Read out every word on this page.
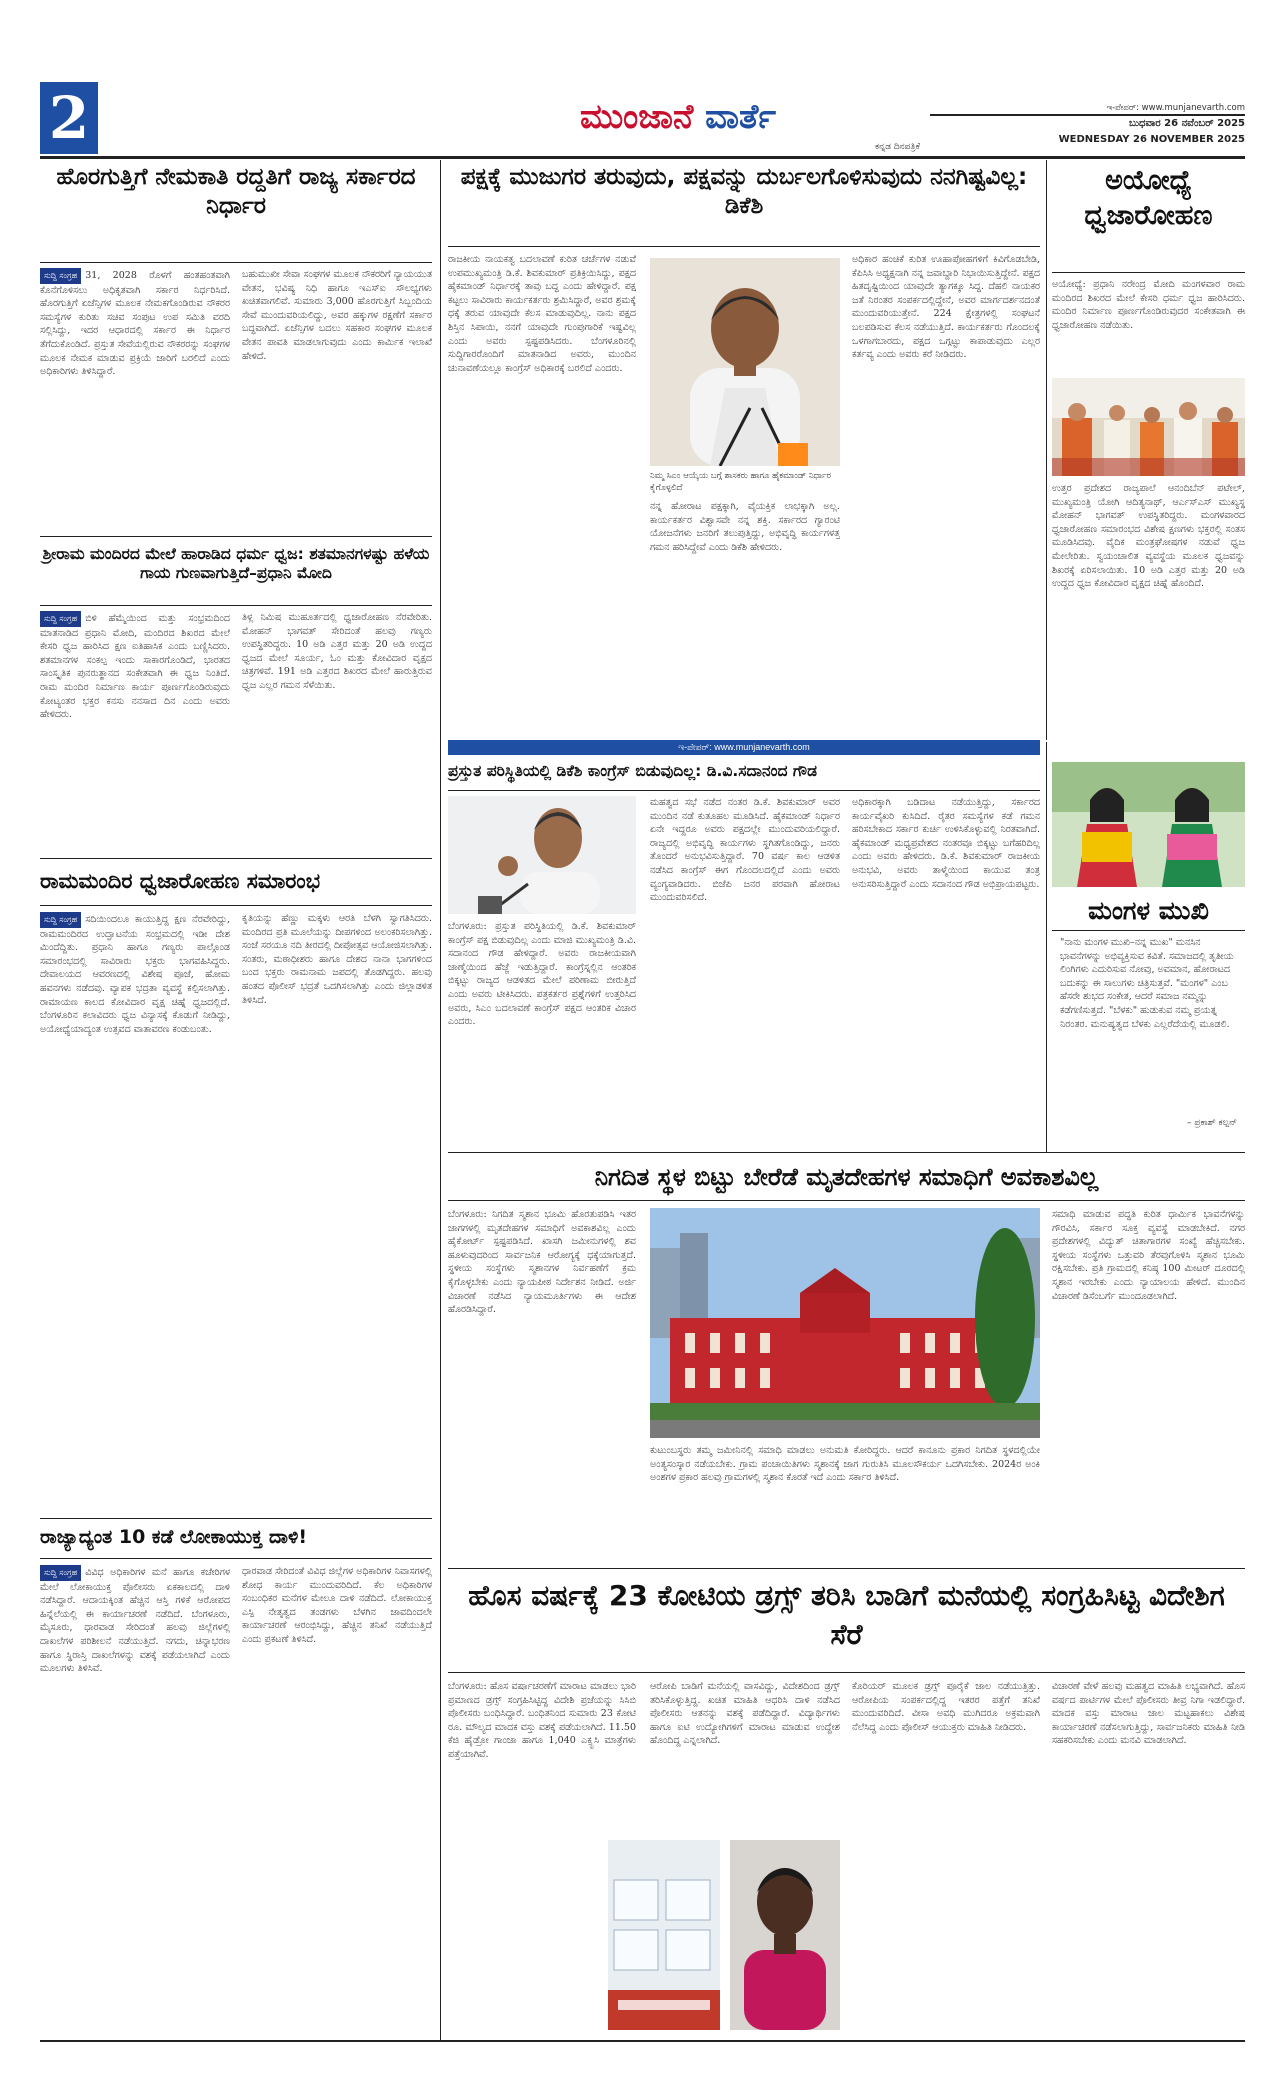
2	ಮುಂಜಾನೆ ವಾರ್ತೆ
ಕನ್ನಡ ದಿನಪತ್ರಿಕೆ
ಇ-ಪೇಪರ್: www.munjanevarth.com
ಬುಧವಾರ 26 ನವೆಂಬರ್ 2025
WEDNESDAY 26 NOVEMBER 2025
ಹೊರಗುತ್ತಿಗೆ ನೇಮಕಾತಿ ರದ್ದತಿಗೆ ರಾಜ್ಯ ಸರ್ಕಾರದ ನಿರ್ಧಾರ
ಸುದ್ದಿ ಸಂಗ್ರಹ 31, 2028 ರೊಳಗೆ ಹಂತಹಂತವಾಗಿ ಕೊನೆಗೊಳಿಸಲು ಅಧಿಕೃತವಾಗಿ ಸರ್ಕಾರ ನಿರ್ಧರಿಸಿದೆ. ಹೊರಗುತ್ತಿಗೆ ಏಜೆನ್ಸಿಗಳ ಮೂಲಕ ನೇಮಕಗೊಂಡಿರುವ ನೌಕರರ ಸಮಸ್ಯೆಗಳ ಕುರಿತು ಸಚಿವ ಸಂಪುಟ ಉಪ ಸಮಿತಿ ವರದಿ ಸಲ್ಲಿಸಿದ್ದು, ಇದರ ಆಧಾರದಲ್ಲಿ ಸರ್ಕಾರ ಈ ನಿರ್ಧಾರ ತೆಗೆದುಕೊಂಡಿದೆ. ಪ್ರಸ್ತುತ ಸೇವೆಯಲ್ಲಿರುವ ನೌಕರರನ್ನು ಸಂಘಗಳ ಮೂಲಕ ನೇಮಕ ಮಾಡುವ ಪ್ರಕ್ರಿಯೆ ಜಾರಿಗೆ ಬರಲಿದೆ ಎಂದು ಅಧಿಕಾರಿಗಳು ತಿಳಿಸಿದ್ದಾರೆ.
ಬಹುಮುಖೀ ಸೇವಾ ಸಂಘಗಳ ಮೂಲಕ ನೌಕರರಿಗೆ ನ್ಯಾಯಯುತ ವೇತನ, ಭವಿಷ್ಯ ನಿಧಿ ಹಾಗೂ ಇಎಸ್ಐ ಸೌಲಭ್ಯಗಳು ಖಚಿತವಾಗಲಿವೆ. ಸುಮಾರು 3,000 ಹೊರಗುತ್ತಿಗೆ ಸಿಬ್ಬಂದಿಯ ಸೇವೆ ಮುಂದುವರಿಯಲಿದ್ದು, ಅವರ ಹಕ್ಕುಗಳ ರಕ್ಷಣೆಗೆ ಸರ್ಕಾರ ಬದ್ಧವಾಗಿದೆ. ಏಜೆನ್ಸಿಗಳ ಬದಲು ಸಹಕಾರ ಸಂಘಗಳ ಮೂಲಕ ವೇತನ ಪಾವತಿ ಮಾಡಲಾಗುವುದು ಎಂದು ಕಾರ್ಮಿಕ ಇಲಾಖೆ ಹೇಳಿದೆ.
ಶ್ರೀರಾಮ ಮಂದಿರದ ಮೇಲೆ ಹಾರಾಡಿದ ಧರ್ಮ ಧ್ವಜ: ಶತಮಾನಗಳಷ್ಟು ಹಳೆಯ ಗಾಯ ಗುಣವಾಗುತ್ತಿದೆ–ಪ್ರಧಾನಿ ಮೋದಿ
ಸುದ್ದಿ ಸಂಗ್ರಹ ಬಿಳಿ ಹೆಮ್ಮೆಯಿಂದ ಮತ್ತು ಸಂಭ್ರಮದಿಂದ ಮಾತನಾಡಿದ ಪ್ರಧಾನಿ ಮೋದಿ, ಮಂದಿರದ ಶಿಖರದ ಮೇಲೆ ಕೇಸರಿ ಧ್ವಜ ಹಾರಿಸಿದ ಕ್ಷಣ ಐತಿಹಾಸಿಕ ಎಂದು ಬಣ್ಣಿಸಿದರು. ಶತಮಾನಗಳ ಸಂಕಲ್ಪ ಇಂದು ಸಾಕಾರಗೊಂಡಿದೆ, ಭಾರತದ ಸಾಂಸ್ಕೃತಿಕ ಪುನರುತ್ಥಾನದ ಸಂಕೇತವಾಗಿ ಈ ಧ್ವಜ ನಿಂತಿದೆ. ರಾಮ ಮಂದಿರ ನಿರ್ಮಾಣ ಕಾರ್ಯ ಪೂರ್ಣಗೊಂಡಿರುವುದು ಕೋಟ್ಯಂತರ ಭಕ್ತರ ಕನಸು ನನಸಾದ ದಿನ ಎಂದು ಅವರು ಹೇಳಿದರು.
ತಿಳ್ಲ ನಿಮಿಷ ಮುಹೂರ್ತದಲ್ಲಿ ಧ್ವಜಾರೋಹಣ ನೆರವೇರಿತು. ಮೋಹನ್ ಭಾಗವತ್ ಸೇರಿದಂತೆ ಹಲವು ಗಣ್ಯರು ಉಪಸ್ಥಿತರಿದ್ದರು. 10 ಅಡಿ ಎತ್ತರ ಮತ್ತು 20 ಅಡಿ ಉದ್ದದ ಧ್ವಜದ ಮೇಲೆ ಸೂರ್ಯ, ಓಂ ಮತ್ತು ಕೋವಿದಾರ ವೃಕ್ಷದ ಚಿತ್ರಗಳಿವೆ. 191 ಅಡಿ ಎತ್ತರದ ಶಿಖರದ ಮೇಲೆ ಹಾರುತ್ತಿರುವ ಧ್ವಜ ಎಲ್ಲರ ಗಮನ ಸೆಳೆಯಿತು.
ರಾಮಮಂದಿರ ಧ್ವಜಾರೋಹಣ ಸಮಾರಂಭ
ಸುದ್ದಿ ಸಂಗ್ರಹ ಸದಿಯಿಂದಲೂ ಕಾಯುತ್ತಿದ್ದ ಕ್ಷಣ ನೆರವೇರಿದ್ದು, ರಾಮಮಂದಿರದ ಉದ್ಘಾಟನೆಯ ಸಂಭ್ರಮದಲ್ಲಿ ಇಡೀ ದೇಶ ಮಿಂದೆದ್ದಿತು. ಪ್ರಧಾನಿ ಹಾಗೂ ಗಣ್ಯರು ಪಾಲ್ಗೊಂಡ ಸಮಾರಂಭದಲ್ಲಿ ಸಾವಿರಾರು ಭಕ್ತರು ಭಾಗವಹಿಸಿದ್ದರು. ದೇವಾಲಯದ ಆವರಣದಲ್ಲಿ ವಿಶೇಷ ಪೂಜೆ, ಹೋಮ ಹವನಗಳು ನಡೆದವು. ವ್ಯಾಪಕ ಭದ್ರತಾ ವ್ಯವಸ್ಥೆ ಕಲ್ಪಿಸಲಾಗಿತ್ತು. ರಾಮಾಯಣ ಕಾಲದ ಕೋವಿದಾರ ವೃಕ್ಷ ಚಿಹ್ನೆ ಧ್ವಜದಲ್ಲಿದೆ. ಬೆಂಗಳೂರಿನ ಕಲಾವಿದರು ಧ್ವಜ ವಿನ್ಯಾಸಕ್ಕೆ ಕೊಡುಗೆ ನೀಡಿದ್ದು, ಅಯೋಧ್ಯೆಯಾದ್ಯಂತ ಉತ್ಸವದ ವಾತಾವರಣ ಕಂಡುಬಂತು.
ಕೃತಿಯನ್ನು ಹೆಣ್ಣು ಮಕ್ಕಳು ಆರತಿ ಬೆಳಗಿ ಸ್ವಾಗತಿಸಿದರು. ಮಂದಿರದ ಪ್ರತಿ ಮೂಲೆಯನ್ನು ದೀಪಗಳಿಂದ ಅಲಂಕರಿಸಲಾಗಿತ್ತು. ಸಂಜೆ ಸರಯೂ ನದಿ ತೀರದಲ್ಲಿ ದೀಪೋತ್ಸವ ಆಯೋಜಿಸಲಾಗಿತ್ತು. ಸಂತರು, ಮಠಾಧೀಶರು ಹಾಗೂ ದೇಶದ ನಾನಾ ಭಾಗಗಳಿಂದ ಬಂದ ಭಕ್ತರು ರಾಮನಾಮ ಜಪದಲ್ಲಿ ತೊಡಗಿದ್ದರು. ಹಲವು ಹಂತದ ಪೊಲೀಸ್ ಭದ್ರತೆ ಒದಗಿಸಲಾಗಿತ್ತು ಎಂದು ಜಿಲ್ಲಾಡಳಿತ ತಿಳಿಸಿದೆ.
ರಾಜ್ಯಾದ್ಯಂತ 10 ಕಡೆ ಲೋಕಾಯುಕ್ತ ದಾಳಿ!
ಸುದ್ದಿ ಸಂಗ್ರಹ ವಿವಿಧ ಅಧಿಕಾರಿಗಳ ಮನೆ ಹಾಗೂ ಕಚೇರಿಗಳ ಮೇಲೆ ಲೋಕಾಯುಕ್ತ ಪೊಲೀಸರು ಏಕಕಾಲದಲ್ಲಿ ದಾಳಿ ನಡೆಸಿದ್ದಾರೆ. ಆದಾಯಕ್ಕಿಂತ ಹೆಚ್ಚಿನ ಆಸ್ತಿ ಗಳಿಕೆ ಆರೋಪದ ಹಿನ್ನೆಲೆಯಲ್ಲಿ ಈ ಕಾರ್ಯಾಚರಣೆ ನಡೆದಿದೆ. ಬೆಂಗಳೂರು, ಮೈಸೂರು, ಧಾರವಾಡ ಸೇರಿದಂತೆ ಹಲವು ಜಿಲ್ಲೆಗಳಲ್ಲಿ ದಾಖಲೆಗಳ ಪರಿಶೀಲನೆ ನಡೆಯುತ್ತಿದೆ. ನಗದು, ಚಿನ್ನಾಭರಣ ಹಾಗೂ ಸ್ಥಿರಾಸ್ತಿ ದಾಖಲೆಗಳನ್ನು ವಶಕ್ಕೆ ಪಡೆಯಲಾಗಿದೆ ಎಂದು ಮೂಲಗಳು ತಿಳಿಸಿವೆ.
ಧಾರವಾಡ ಸೇರಿದಂತೆ ವಿವಿಧ ಜಿಲ್ಲೆಗಳ ಅಧಿಕಾರಿಗಳ ನಿವಾಸಗಳಲ್ಲಿ ಶೋಧ ಕಾರ್ಯ ಮುಂದುವರಿದಿದೆ. ಕೆಲ ಅಧಿಕಾರಿಗಳ ಸಂಬಂಧಿಕರ ಮನೆಗಳ ಮೇಲೂ ದಾಳಿ ನಡೆದಿದೆ. ಲೋಕಾಯುಕ್ತ ಎಸ್ಪಿ ನೇತೃತ್ವದ ತಂಡಗಳು ಬೆಳಗಿನ ಜಾವದಿಂದಲೇ ಕಾರ್ಯಾಚರಣೆ ಆರಂಭಿಸಿದ್ದು, ಹೆಚ್ಚಿನ ತನಿಖೆ ನಡೆಯುತ್ತಿದೆ ಎಂದು ಪ್ರಕಟಣೆ ತಿಳಿಸಿದೆ.
ಪಕ್ಷಕ್ಕೆ ಮುಜುಗರ ತರುವುದು, ಪಕ್ಷವನ್ನು ದುರ್ಬಲಗೊಳಿಸುವುದು ನನಗಿಷ್ಟವಿಲ್ಲ: ಡಿಕೆಶಿ
ರಾಜಕೀಯ ನಾಯಕತ್ವ ಬದಲಾವಣೆ ಕುರಿತ ಚರ್ಚೆಗಳ ನಡುವೆ ಉಪಮುಖ್ಯಮಂತ್ರಿ ಡಿ.ಕೆ. ಶಿವಕುಮಾರ್ ಪ್ರತಿಕ್ರಿಯಿಸಿದ್ದು, ಪಕ್ಷದ ಹೈಕಮಾಂಡ್ ನಿರ್ಧಾರಕ್ಕೆ ತಾವು ಬದ್ಧ ಎಂದು ಹೇಳಿದ್ದಾರೆ. ಪಕ್ಷ ಕಟ್ಟಲು ಸಾವಿರಾರು ಕಾರ್ಯಕರ್ತರು ಶ್ರಮಿಸಿದ್ದಾರೆ, ಅವರ ಶ್ರಮಕ್ಕೆ ಧಕ್ಕೆ ತರುವ ಯಾವುದೇ ಕೆಲಸ ಮಾಡುವುದಿಲ್ಲ. ನಾನು ಪಕ್ಷದ ಶಿಸ್ತಿನ ಸಿಪಾಯಿ, ನನಗೆ ಯಾವುದೇ ಗುಂಪುಗಾರಿಕೆ ಇಷ್ಟವಿಲ್ಲ ಎಂದು ಅವರು ಸ್ಪಷ್ಟಪಡಿಸಿದರು. ಬೆಂಗಳೂರಿನಲ್ಲಿ ಸುದ್ದಿಗಾರರೊಂದಿಗೆ ಮಾತನಾಡಿದ ಅವರು, ಮುಂದಿನ ಚುನಾವಣೆಯಲ್ಲೂ ಕಾಂಗ್ರೆಸ್ ಅಧಿಕಾರಕ್ಕೆ ಬರಲಿದೆ ಎಂದರು.
ನಿಮ್ಮ ಸಿಎಂ ಆಯ್ಕೆಯ ಬಗ್ಗೆ ಶಾಸಕರು ಹಾಗೂ ಹೈಕಮಾಂಡ್ ನಿರ್ಧಾರ ಕೈಗೊಳ್ಳಲಿದೆ
ನನ್ನ ಹೋರಾಟ ಪಕ್ಷಕ್ಕಾಗಿ, ವೈಯಕ್ತಿಕ ಲಾಭಕ್ಕಾಗಿ ಅಲ್ಲ. ಕಾರ್ಯಕರ್ತರ ವಿಶ್ವಾಸವೇ ನನ್ನ ಶಕ್ತಿ. ಸರ್ಕಾರದ ಗ್ಯಾರಂಟಿ ಯೋಜನೆಗಳು ಜನರಿಗೆ ತಲುಪುತ್ತಿದ್ದು, ಅಭಿವೃದ್ಧಿ ಕಾರ್ಯಗಳತ್ತ ಗಮನ ಹರಿಸಿದ್ದೇವೆ ಎಂದು ಡಿಕೆಶಿ ಹೇಳಿದರು.
ಅಧಿಕಾರ ಹಂಚಿಕೆ ಕುರಿತ ಊಹಾಪೋಹಗಳಿಗೆ ಕಿವಿಗೊಡಬೇಡಿ, ಕೆಪಿಸಿಸಿ ಅಧ್ಯಕ್ಷನಾಗಿ ನನ್ನ ಜವಾಬ್ದಾರಿ ನಿಭಾಯಿಸುತ್ತಿದ್ದೇನೆ. ಪಕ್ಷದ ಹಿತದೃಷ್ಟಿಯಿಂದ ಯಾವುದೇ ತ್ಯಾಗಕ್ಕೂ ಸಿದ್ಧ. ದೆಹಲಿ ನಾಯಕರ ಜತೆ ನಿರಂತರ ಸಂಪರ್ಕದಲ್ಲಿದ್ದೇನೆ, ಅವರ ಮಾರ್ಗದರ್ಶನದಂತೆ ಮುಂದುವರಿಯುತ್ತೇನೆ. 224 ಕ್ಷೇತ್ರಗಳಲ್ಲಿ ಸಂಘಟನೆ ಬಲಪಡಿಸುವ ಕೆಲಸ ನಡೆಯುತ್ತಿದೆ. ಕಾರ್ಯಕರ್ತರು ಗೊಂದಲಕ್ಕೆ ಒಳಗಾಗಬಾರದು, ಪಕ್ಷದ ಒಗ್ಗಟ್ಟು ಕಾಪಾಡುವುದು ಎಲ್ಲರ ಕರ್ತವ್ಯ ಎಂದು ಅವರು ಕರೆ ನೀಡಿದರು.
ಅಯೋಧ್ಯೆ ಧ್ವಜಾರೋಹಣ
ಅಯೋಧ್ಯೆ: ಪ್ರಧಾನಿ ನರೇಂದ್ರ ಮೋದಿ ಮಂಗಳವಾರ ರಾಮ ಮಂದಿರದ ಶಿಖರದ ಮೇಲೆ ಕೇಸರಿ ಧರ್ಮ ಧ್ವಜ ಹಾರಿಸಿದರು. ಮಂದಿರ ನಿರ್ಮಾಣ ಪೂರ್ಣಗೊಂಡಿರುವುದರ ಸಂಕೇತವಾಗಿ ಈ ಧ್ವಜಾರೋಹಣ ನಡೆಯಿತು.
ಉತ್ತರ ಪ್ರದೇಶದ ರಾಜ್ಯಪಾಲೆ ಆನಂದಿಬೆನ್ ಪಟೇಲ್, ಮುಖ್ಯಮಂತ್ರಿ ಯೋಗಿ ಆದಿತ್ಯನಾಥ್, ಆರ್ಎಸ್ಎಸ್ ಮುಖ್ಯಸ್ಥ ಮೋಹನ್ ಭಾಗವತ್ ಉಪಸ್ಥಿತರಿದ್ದರು. ಮಂಗಳವಾರದ ಧ್ವಜಾರೋಹಣ ಸಮಾರಂಭದ ವಿಶೇಷ ಕ್ಷಣಗಳು ಭಕ್ತರಲ್ಲಿ ಸಂತಸ ಮೂಡಿಸಿದವು. ವೈದಿಕ ಮಂತ್ರಘೋಷಗಳ ನಡುವೆ ಧ್ವಜ ಮೇಲೇರಿತು. ಸ್ವಯಂಚಾಲಿತ ವ್ಯವಸ್ಥೆಯ ಮೂಲಕ ಧ್ವಜವನ್ನು ಶಿಖರಕ್ಕೆ ಏರಿಸಲಾಯಿತು. 10 ಅಡಿ ಎತ್ತರ ಮತ್ತು 20 ಅಡಿ ಉದ್ದದ ಧ್ವಜ ಕೋವಿದಾರ ವೃಕ್ಷದ ಚಿಹ್ನೆ ಹೊಂದಿದೆ.
ಇ-ಪೇಪರ್: www.munjanevarth.com
ಪ್ರಸ್ತುತ ಪರಿಸ್ಥಿತಿಯಲ್ಲಿ ಡಿಕೆಶಿ ಕಾಂಗ್ರೆಸ್ ಬಿಡುವುದಿಲ್ಲ: ಡಿ.ವಿ.ಸದಾನಂದ ಗೌಡ
ಬೆಂಗಳೂರು: ಪ್ರಸ್ತುತ ಪರಿಸ್ಥಿತಿಯಲ್ಲಿ ಡಿ.ಕೆ. ಶಿವಕುಮಾರ್ ಕಾಂಗ್ರೆಸ್ ಪಕ್ಷ ಬಿಡುವುದಿಲ್ಲ ಎಂದು ಮಾಜಿ ಮುಖ್ಯಮಂತ್ರಿ ಡಿ.ವಿ. ಸದಾನಂದ ಗೌಡ ಹೇಳಿದ್ದಾರೆ. ಅವರು ರಾಜಕೀಯವಾಗಿ ಜಾಣ್ಮೆಯಿಂದ ಹೆಜ್ಜೆ ಇಡುತ್ತಿದ್ದಾರೆ. ಕಾಂಗ್ರೆಸ್ನಲ್ಲಿನ ಆಂತರಿಕ ಬಿಕ್ಕಟ್ಟು ರಾಜ್ಯದ ಆಡಳಿತದ ಮೇಲೆ ಪರಿಣಾಮ ಬೀರುತ್ತಿದೆ ಎಂದು ಅವರು ಟೀಕಿಸಿದರು. ಪತ್ರಕರ್ತರ ಪ್ರಶ್ನೆಗಳಿಗೆ ಉತ್ತರಿಸಿದ ಅವರು, ಸಿಎಂ ಬದಲಾವಣೆ ಕಾಂಗ್ರೆಸ್ ಪಕ್ಷದ ಆಂತರಿಕ ವಿಚಾರ ಎಂದರು.
ಮಹತ್ವದ ಸಭೆ ನಡೆದ ನಂತರ ಡಿ.ಕೆ. ಶಿವಕುಮಾರ್ ಅವರ ಮುಂದಿನ ನಡೆ ಕುತೂಹಲ ಮೂಡಿಸಿದೆ. ಹೈಕಮಾಂಡ್ ನಿರ್ಧಾರ ಏನೇ ಇದ್ದರೂ ಅವರು ಪಕ್ಷದಲ್ಲೇ ಮುಂದುವರಿಯಲಿದ್ದಾರೆ. ರಾಜ್ಯದಲ್ಲಿ ಅಭಿವೃದ್ಧಿ ಕಾರ್ಯಗಳು ಸ್ಥಗಿತಗೊಂಡಿದ್ದು, ಜನರು ತೊಂದರೆ ಅನುಭವಿಸುತ್ತಿದ್ದಾರೆ. 70 ವರ್ಷ ಕಾಲ ಆಡಳಿತ ನಡೆಸಿದ ಕಾಂಗ್ರೆಸ್ ಈಗ ಗೊಂದಲದಲ್ಲಿದೆ ಎಂದು ಅವರು ವ್ಯಂಗ್ಯವಾಡಿದರು. ಬಿಜೆಪಿ ಜನರ ಪರವಾಗಿ ಹೋರಾಟ ಮುಂದುವರಿಸಲಿದೆ.
ಅಧಿಕಾರಕ್ಕಾಗಿ ಬಡಿದಾಟ ನಡೆಯುತ್ತಿದ್ದು, ಸರ್ಕಾರದ ಕಾರ್ಯವೈಖರಿ ಕುಸಿದಿದೆ. ರೈತರ ಸಮಸ್ಯೆಗಳ ಕಡೆ ಗಮನ ಹರಿಸಬೇಕಾದ ಸರ್ಕಾರ ಕುರ್ಚಿ ಉಳಿಸಿಕೊಳ್ಳುವಲ್ಲಿ ನಿರತವಾಗಿದೆ. ಹೈಕಮಾಂಡ್ ಮಧ್ಯಪ್ರವೇಶದ ನಂತರವೂ ಬಿಕ್ಕಟ್ಟು ಬಗೆಹರಿದಿಲ್ಲ ಎಂದು ಅವರು ಹೇಳಿದರು. ಡಿ.ಕೆ. ಶಿವಕುಮಾರ್ ರಾಜಕೀಯ ಅನುಭವಿ, ಅವರು ತಾಳ್ಮೆಯಿಂದ ಕಾಯುವ ತಂತ್ರ ಅನುಸರಿಸುತ್ತಿದ್ದಾರೆ ಎಂದು ಸದಾನಂದ ಗೌಡ ಅಭಿಪ್ರಾಯಪಟ್ಟರು.
ಮಂಗಳ ಮುಖಿ
"ನಾನು ಮಂಗಳ ಮುಖಿ–ನನ್ನ ಮುಖ" ಮನಸಿನ ಭಾವನೆಗಳನ್ನು ಅಭಿವ್ಯಕ್ತಿಸುವ ಕವಿತೆ. ಸಮಾಜದಲ್ಲಿ ತೃತೀಯ ಲಿಂಗಿಗಳು ಎದುರಿಸುವ ನೋವು, ಅವಮಾನ, ಹೋರಾಟದ ಬದುಕನ್ನು ಈ ಸಾಲುಗಳು ಚಿತ್ರಿಸುತ್ತವೆ. "ಮಂಗಳ" ಎಂಬ ಹೆಸರೇ ಶುಭದ ಸಂಕೇತ, ಆದರೆ ಸಮಾಜ ನಮ್ಮನ್ನು ಕಡೆಗಣಿಸುತ್ತದೆ. "ಬೆಳಕು" ಹುಡುಕುವ ನಮ್ಮ ಪ್ರಯತ್ನ ನಿರಂತರ. ಮನುಷ್ಯತ್ವದ ಬೆಳಕು ಎಲ್ಲರೆದೆಯಲ್ಲಿ ಮೂಡಲಿ.
– ಪ್ರಕಾಶ್ ಕಲ್ಪನ್
ನಿಗದಿತ ಸ್ಥಳ ಬಿಟ್ಟು ಬೇರೆಡೆ ಮೃತದೇಹಗಳ ಸಮಾಧಿಗೆ ಅವಕಾಶವಿಲ್ಲ
ಬೆಂಗಳೂರು: ನಿಗದಿತ ಸ್ಮಶಾನ ಭೂಮಿ ಹೊರತುಪಡಿಸಿ ಇತರ ಜಾಗಗಳಲ್ಲಿ ಮೃತದೇಹಗಳ ಸಮಾಧಿಗೆ ಅವಕಾಶವಿಲ್ಲ ಎಂದು ಹೈಕೋರ್ಟ್ ಸ್ಪಷ್ಟಪಡಿಸಿದೆ. ಖಾಸಗಿ ಜಮೀನುಗಳಲ್ಲಿ ಶವ ಹೂಳುವುದರಿಂದ ಸಾರ್ವಜನಿಕ ಆರೋಗ್ಯಕ್ಕೆ ಧಕ್ಕೆಯಾಗುತ್ತದೆ. ಸ್ಥಳೀಯ ಸಂಸ್ಥೆಗಳು ಸ್ಮಶಾನಗಳ ನಿರ್ವಹಣೆಗೆ ಕ್ರಮ ಕೈಗೊಳ್ಳಬೇಕು ಎಂದು ನ್ಯಾಯಪೀಠ ನಿರ್ದೇಶನ ನೀಡಿದೆ. ಅರ್ಜಿ ವಿಚಾರಣೆ ನಡೆಸಿದ ನ್ಯಾಯಮೂರ್ತಿಗಳು ಈ ಆದೇಶ ಹೊರಡಿಸಿದ್ದಾರೆ.
ಕುಟುಂಬಸ್ಥರು ತಮ್ಮ ಜಮೀನಿನಲ್ಲಿ ಸಮಾಧಿ ಮಾಡಲು ಅನುಮತಿ ಕೋರಿದ್ದರು. ಆದರೆ ಕಾನೂನು ಪ್ರಕಾರ ನಿಗದಿತ ಸ್ಥಳದಲ್ಲಿಯೇ ಅಂತ್ಯಸಂಸ್ಕಾರ ನಡೆಯಬೇಕು. ಗ್ರಾಮ ಪಂಚಾಯಿತಿಗಳು ಸ್ಮಶಾನಕ್ಕೆ ಜಾಗ ಗುರುತಿಸಿ ಮೂಲಸೌಕರ್ಯ ಒದಗಿಸಬೇಕು. 2024ರ ಅಂಕಿ ಅಂಶಗಳ ಪ್ರಕಾರ ಹಲವು ಗ್ರಾಮಗಳಲ್ಲಿ ಸ್ಮಶಾನ ಕೊರತೆ ಇದೆ ಎಂದು ಸರ್ಕಾರ ತಿಳಿಸಿದೆ.
ಸಮಾಧಿ ಮಾಡುವ ಪದ್ಧತಿ ಕುರಿತ ಧಾರ್ಮಿಕ ಭಾವನೆಗಳನ್ನು ಗೌರವಿಸಿ, ಸರ್ಕಾರ ಸೂಕ್ತ ವ್ಯವಸ್ಥೆ ಮಾಡಬೇಕಿದೆ. ನಗರ ಪ್ರದೇಶಗಳಲ್ಲಿ ವಿದ್ಯುತ್ ಚಿತಾಗಾರಗಳ ಸಂಖ್ಯೆ ಹೆಚ್ಚಿಸಬೇಕು. ಸ್ಥಳೀಯ ಸಂಸ್ಥೆಗಳು ಒತ್ತುವರಿ ತೆರವುಗೊಳಿಸಿ ಸ್ಮಶಾನ ಭೂಮಿ ರಕ್ಷಿಸಬೇಕು. ಪ್ರತಿ ಗ್ರಾಮದಲ್ಲಿ ಕನಿಷ್ಠ 100 ಮೀಟರ್ ದೂರದಲ್ಲಿ ಸ್ಮಶಾನ ಇರಬೇಕು ಎಂದು ನ್ಯಾಯಾಲಯ ಹೇಳಿದೆ. ಮುಂದಿನ ವಿಚಾರಣೆ ಡಿಸೆಂಬರ್ಗೆ ಮುಂದೂಡಲಾಗಿದೆ.
ಹೊಸ ವರ್ಷಕ್ಕೆ 23 ಕೋಟಿಯ ಡ್ರಗ್ಸ್ ತರಿಸಿ ಬಾಡಿಗೆ ಮನೆಯಲ್ಲಿ ಸಂಗ್ರಹಿಸಿಟ್ಟ ವಿದೇಶಿಗ ಸೆರೆ
ಬೆಂಗಳೂರು: ಹೊಸ ವರ್ಷಾಚರಣೆಗೆ ಮಾರಾಟ ಮಾಡಲು ಭಾರಿ ಪ್ರಮಾಣದ ಡ್ರಗ್ಸ್ ಸಂಗ್ರಹಿಸಿಟ್ಟಿದ್ದ ವಿದೇಶಿ ಪ್ರಜೆಯನ್ನು ಸಿಸಿಬಿ ಪೊಲೀಸರು ಬಂಧಿಸಿದ್ದಾರೆ. ಬಂಧಿತನಿಂದ ಸುಮಾರು 23 ಕೋಟಿ ರೂ. ಮೌಲ್ಯದ ಮಾದಕ ವಸ್ತು ವಶಕ್ಕೆ ಪಡೆಯಲಾಗಿದೆ. 11.50 ಕೆಜಿ ಹೈಡ್ರೋ ಗಾಂಜಾ ಹಾಗೂ 1,040 ಎಕ್ಸ್ಟಸಿ ಮಾತ್ರೆಗಳು ಪತ್ತೆಯಾಗಿವೆ.
ಆರೋಪಿ ಬಾಡಿಗೆ ಮನೆಯಲ್ಲಿ ವಾಸವಿದ್ದು, ವಿದೇಶದಿಂದ ಡ್ರಗ್ಸ್ ತರಿಸಿಕೊಳ್ಳುತ್ತಿದ್ದ. ಖಚಿತ ಮಾಹಿತಿ ಆಧರಿಸಿ ದಾಳಿ ನಡೆಸಿದ ಪೊಲೀಸರು ಆತನನ್ನು ವಶಕ್ಕೆ ಪಡೆದಿದ್ದಾರೆ. ವಿದ್ಯಾರ್ಥಿಗಳು ಹಾಗೂ ಐಟಿ ಉದ್ಯೋಗಿಗಳಿಗೆ ಮಾರಾಟ ಮಾಡುವ ಉದ್ದೇಶ ಹೊಂದಿದ್ದ ಎನ್ನಲಾಗಿದೆ.
ಕೊರಿಯರ್ ಮೂಲಕ ಡ್ರಗ್ಸ್ ಪೂರೈಕೆ ಜಾಲ ನಡೆಯುತ್ತಿತ್ತು. ಆರೋಪಿಯ ಸಂಪರ್ಕದಲ್ಲಿದ್ದ ಇತರರ ಪತ್ತೆಗೆ ತನಿಖೆ ಮುಂದುವರಿದಿದೆ. ವೀಸಾ ಅವಧಿ ಮುಗಿದರೂ ಅಕ್ರಮವಾಗಿ ನೆಲೆಸಿದ್ದ ಎಂದು ಪೊಲೀಸ್ ಆಯುಕ್ತರು ಮಾಹಿತಿ ನೀಡಿದರು.
ವಿಚಾರಣೆ ವೇಳೆ ಹಲವು ಮಹತ್ವದ ಮಾಹಿತಿ ಲಭ್ಯವಾಗಿದೆ. ಹೊಸ ವರ್ಷದ ಪಾರ್ಟಿಗಳ ಮೇಲೆ ಪೊಲೀಸರು ತೀವ್ರ ನಿಗಾ ಇಡಲಿದ್ದಾರೆ. ಮಾದಕ ವಸ್ತು ಮಾರಾಟ ಜಾಲ ಮಟ್ಟಹಾಕಲು ವಿಶೇಷ ಕಾರ್ಯಾಚರಣೆ ನಡೆಸಲಾಗುತ್ತಿದ್ದು, ಸಾರ್ವಜನಿಕರು ಮಾಹಿತಿ ನೀಡಿ ಸಹಕರಿಸಬೇಕು ಎಂದು ಮನವಿ ಮಾಡಲಾಗಿದೆ.
